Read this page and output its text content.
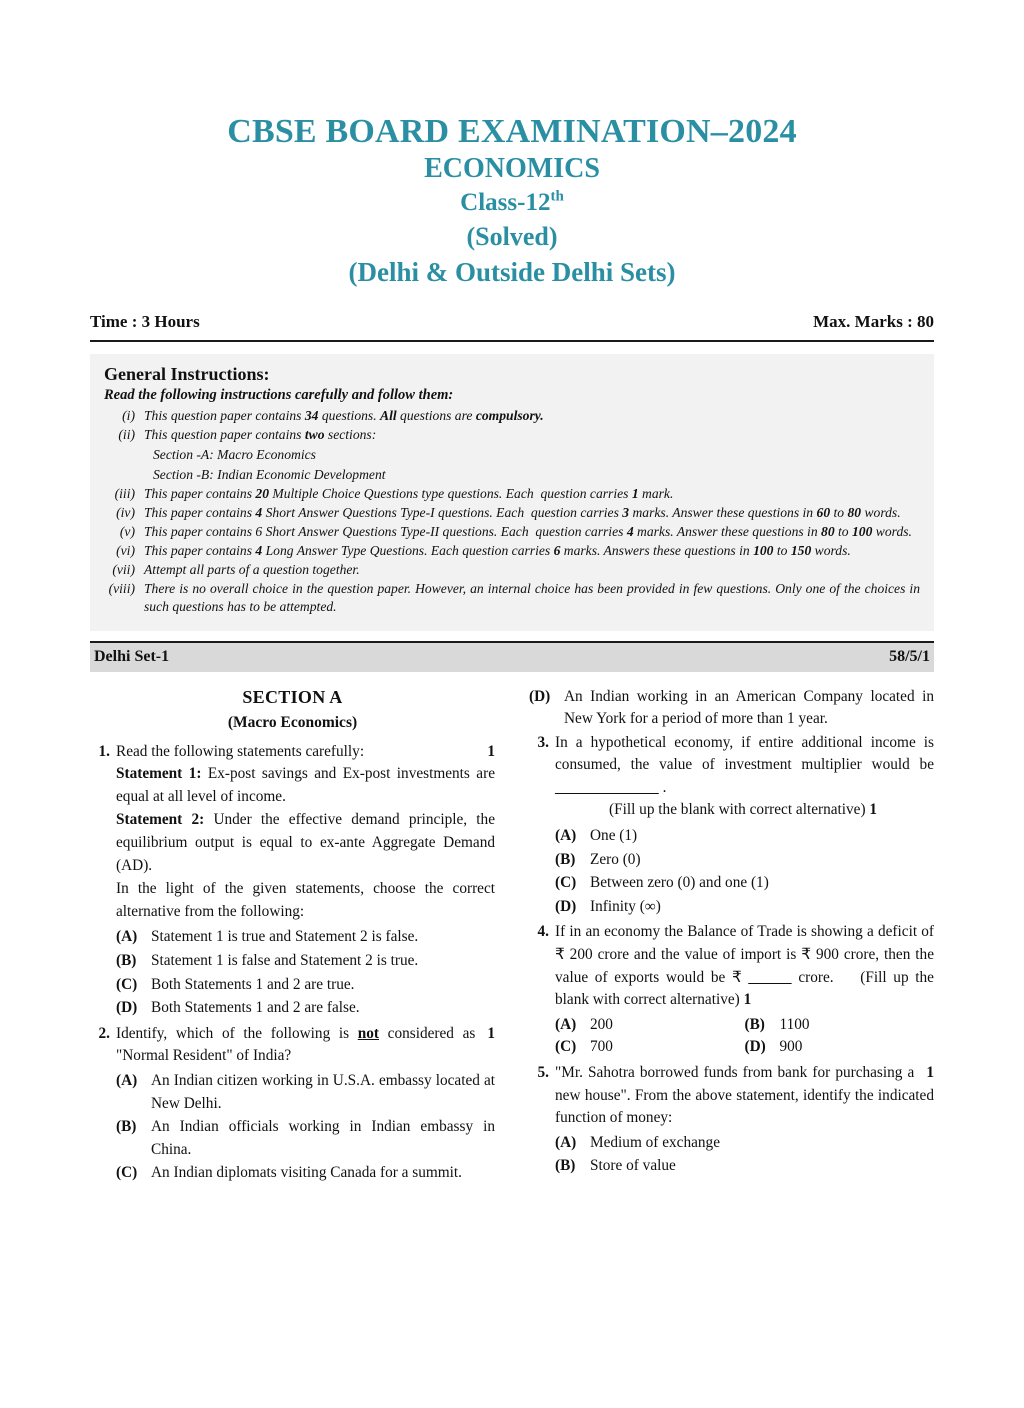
CBSE BOARD EXAMINATION–2024
ECONOMICS
Class-12th
(Solved)
(Delhi & Outside Delhi Sets)
Time : 3 Hours	Max. Marks : 80
General Instructions:
Read the following instructions carefully and follow them:
(i) This question paper contains 34 questions. All questions are compulsory.
(ii) This question paper contains two sections:
Section -A: Macro Economics
Section -B: Indian Economic Development
(iii) This paper contains 20 Multiple Choice Questions type questions. Each  question carries 1 mark.
(iv) This paper contains 4 Short Answer Questions Type-I questions. Each  question carries 3 marks. Answer these questions in 60 to 80 words.
(v) This paper contains 6 Short Answer Questions Type-II questions. Each  question carries 4 marks. Answer these questions in 80 to 100 words.
(vi) This paper contains 4 Long Answer Type Questions. Each question carries 6 marks. Answers these questions in 100 to 150 words.
(vii) Attempt all parts of a question together.
(viii) There is no overall choice in the question paper. However, an internal choice has been provided in few questions. Only one of the choices in such questions has to be attempted.
Delhi Set-1	58/5/1
SECTION A
(Macro Economics)
1.	1
Read the following statements carefully:
Statement 1: Ex-post savings and Ex-post investments are equal at all level of income.
Statement 2: Under the effective demand principle, the equilibrium output is equal to ex-ante Aggregate Demand (AD).
In the light of the given statements, choose the correct alternative from the following:
(A) Statement 1 is true and Statement 2 is false.
(B) Statement 1 is false and Statement 2 is true.
(C) Both Statements 1 and 2 are true.
(D) Both Statements 1 and 2 are false.
2.	1
Identify, which of the following is not considered as "Normal Resident" of India?
(A) An Indian citizen working in U.S.A. embassy located at New Delhi.
(B) An Indian officials working in Indian embassy in China.
(C) An Indian diplomats visiting Canada for a summit.
(D) An Indian working in an American Company located in New York for a period of more than 1 year.
3. In a hypothetical economy, if entire additional income is consumed, the value of investment multiplier would be ____________ .
(Fill up the blank with correct alternative) 1
(A) One (1)
(B) Zero (0)
(C) Between zero (0) and one (1)
(D) Infinity (∞)
4. If in an economy the Balance of Trade is showing a deficit of ₹ 200 crore and the value of import is ₹ 900 crore, then the value of exports would be ₹ _____ crore. (Fill up the blank with correct alternative) 1
(A) 200	(B) 1100
(C) 700	(D) 900
5.	1
"Mr. Sahotra borrowed funds from bank for purchasing a new house". From the above statement, identify the indicated function of money:
(A) Medium of exchange
(B) Store of value
